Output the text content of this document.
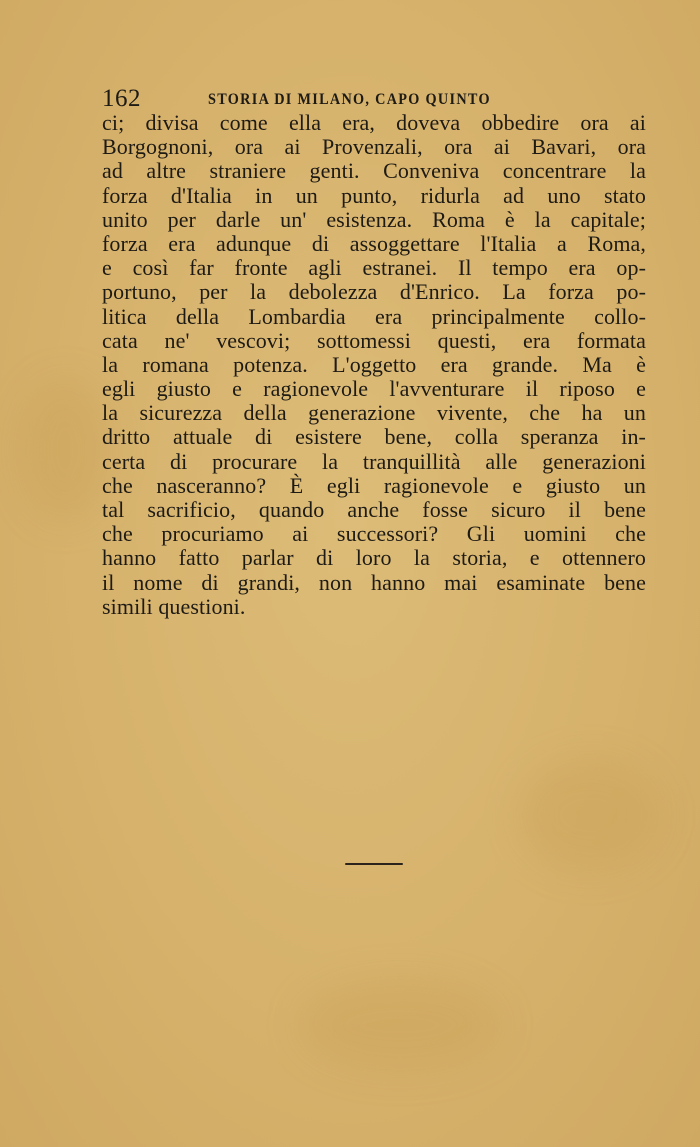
162	STORIA DI MILANO, CAPO QUINTO
ci; divisa come ella era, doveva obbedire ora ai
Borgognoni, ora ai Provenzali, ora ai Bavari, ora
ad altre straniere genti. Conveniva concentrare la
forza d'Italia in un punto, ridurla ad uno stato
unito per darle un' esistenza. Roma è la capitale;
forza era adunque di assoggettare l'Italia a Roma,
e così far fronte agli estranei. Il tempo era op-
portuno, per la debolezza d'Enrico. La forza po-
litica della Lombardia era principalmente collo-
cata ne' vescovi; sottomessi questi, era formata
la romana potenza. L'oggetto era grande. Ma è
egli giusto e ragionevole l'avventurare il riposo e
la sicurezza della generazione vivente, che ha un
dritto attuale di esistere bene, colla speranza in-
certa di procurare la tranquillità alle generazioni
che nasceranno? È egli ragionevole e giusto un
tal sacrificio, quando anche fosse sicuro il bene
che procuriamo ai successori? Gli uomini che
hanno fatto parlar di loro la storia, e ottennero
il nome di grandi, non hanno mai esaminate bene
simili questioni.
